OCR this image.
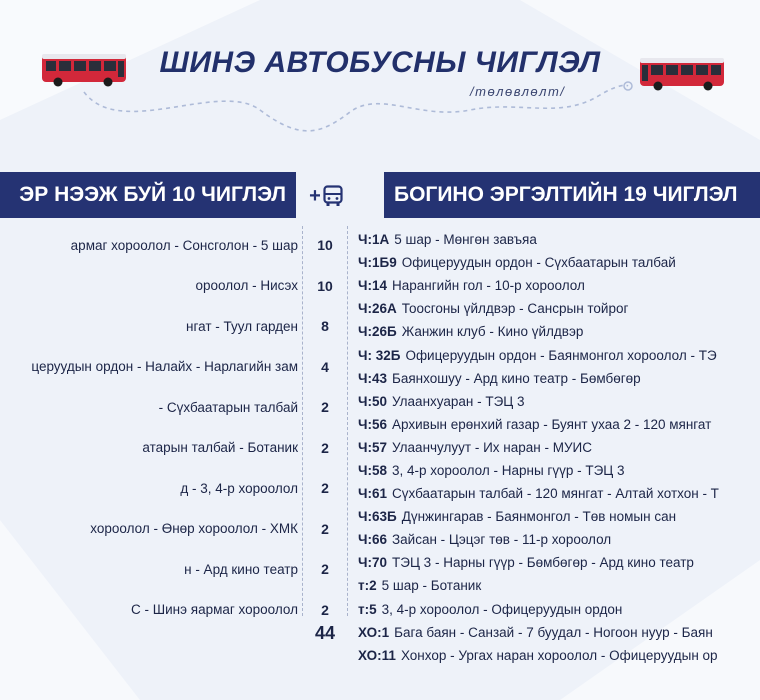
ШИНЭ АВТОБУСНЫ ЧИГЛЭЛ
/төлөвлөлт/
ЭР НЭЭЖ БУЙ 10 ЧИГЛЭЛ +	БОГИНО ЭРГЭЛТИЙН 19 ЧИГЛЭЛ
армаг хороолол - Сонсголон - 5 шар	10
ороолол - Нисэх	10
нгат - Туул гарден	8
церуудын ордон - Налайх - Нарлагийн зам	4
- Сүхбаатарын талбай	2
атарын талбай - Ботаник	2
д - 3, 4-р хороолол	2
хороолол - Өнөр хороолол - ХМК	2
н - Ард кино театр	2
С - Шинэ яармаг хороолол	2
44
Ч:1А 5 шар - Мөнгөн завъяа
Ч:1Б9 Офицеруудын ордон - Сүхбаатарын талбай
Ч:14 Нарангийн гол - 10-р хороолол
Ч:26А Тоосгоны үйлдвэр - Сансрын тойрог
Ч:26Б Жанжин клуб - Кино үйлдвэр
Ч: 32Б Офицеруудын ордон - Баянмонгол хороолол - ТЭ
Ч:43 Баянхошуу - Ард кино театр - Бөмбөгөр
Ч:50 Улаанхуаран - ТЭЦ 3
Ч:56 Архивын ерөнхий газар - Буянт ухаа 2 - 120 мянгат
Ч:57 Улаанчулуут - Их наран - МУИС
Ч:58 3, 4-р хороолол - Нарны гүүр - ТЭЦ 3
Ч:61 Сүхбаатарын талбай - 120 мянгат - Алтай хотхон - Т
Ч:63Б Дүнжингарав - Баянмонгол - Төв номын сан
Ч:66 Зайсан - Цэцэг төв - 11-р хороолол
Ч:70 ТЭЦ 3 - Нарны гүүр - Бөмбөгөр - Ард кино театр
т:2 5 шар - Ботаник
т:5 3, 4-р хороолол - Офицеруудын ордон
ХО:1 Бага баян - Санзай - 7 буудал - Ногоон нуур - Баян
ХО:11 Хонхор - Ургах наран хороолол - Офицеруудын ор
